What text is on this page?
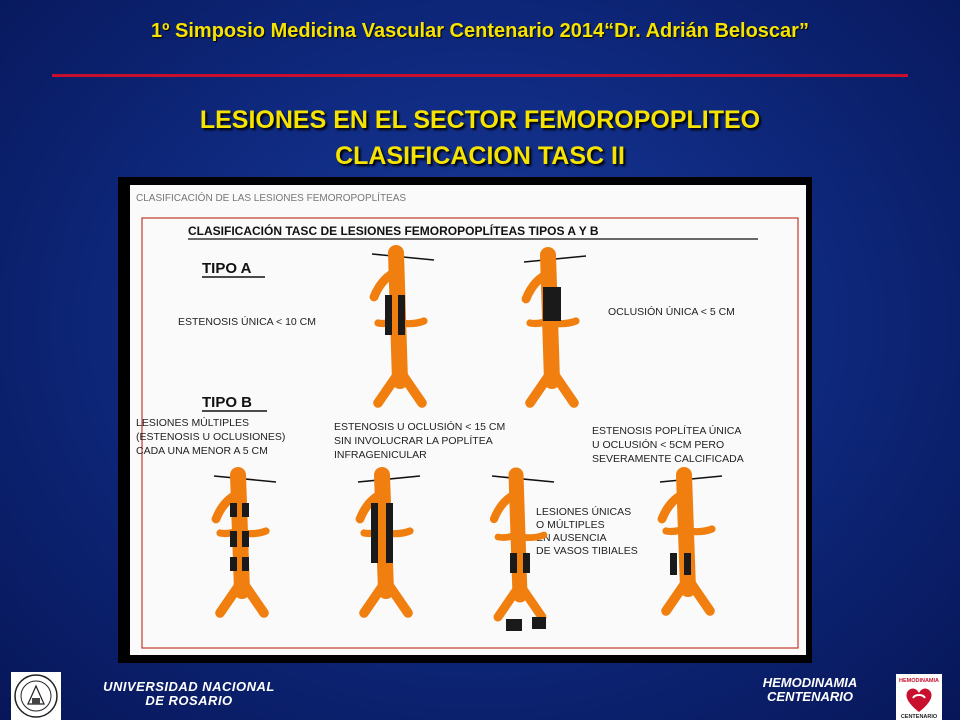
1º Simposio Medicina Vascular Centenario 2014“Dr. Adrián Beloscar”
LESIONES EN EL SECTOR FEMOROPOPLITEO
CLASIFICACION TASC II
CLASIFICACIÓN DE LAS LESIONES FEMOROPOPLÍTEAS
CLASIFICACIÓN TASC DE LESIONES FEMOROPOPLÍTEAS TIPOS A Y B
TIPO A
ESTENOSIS ÚNICA < 10 CM
OCLUSIÓN ÚNICA < 5 CM
TIPO B
LESIONES MÚLTIPLES (ESTENOSIS U OCLUSIONES) CADA UNA MENOR A 5 CM
ESTENOSIS U OCLUSIÓN < 15 CM SIN INVOLUCRAR LA POPLÍTEA INFRAGENICULAR
ESTENOSIS POPLÍTEA ÚNICA U OCLUSIÓN < 5CM PERO SEVERAMENTE CALCIFICADA
LESIONES ÚNICAS O MÚLTIPLES EN AUSENCIA DE VASOS TIBIALES
UNIVERSIDAD NACIONAL
DE ROSARIO
HEMODINAMIA
CENTENARIO
HEMODINAMIA
CENTENARIO
